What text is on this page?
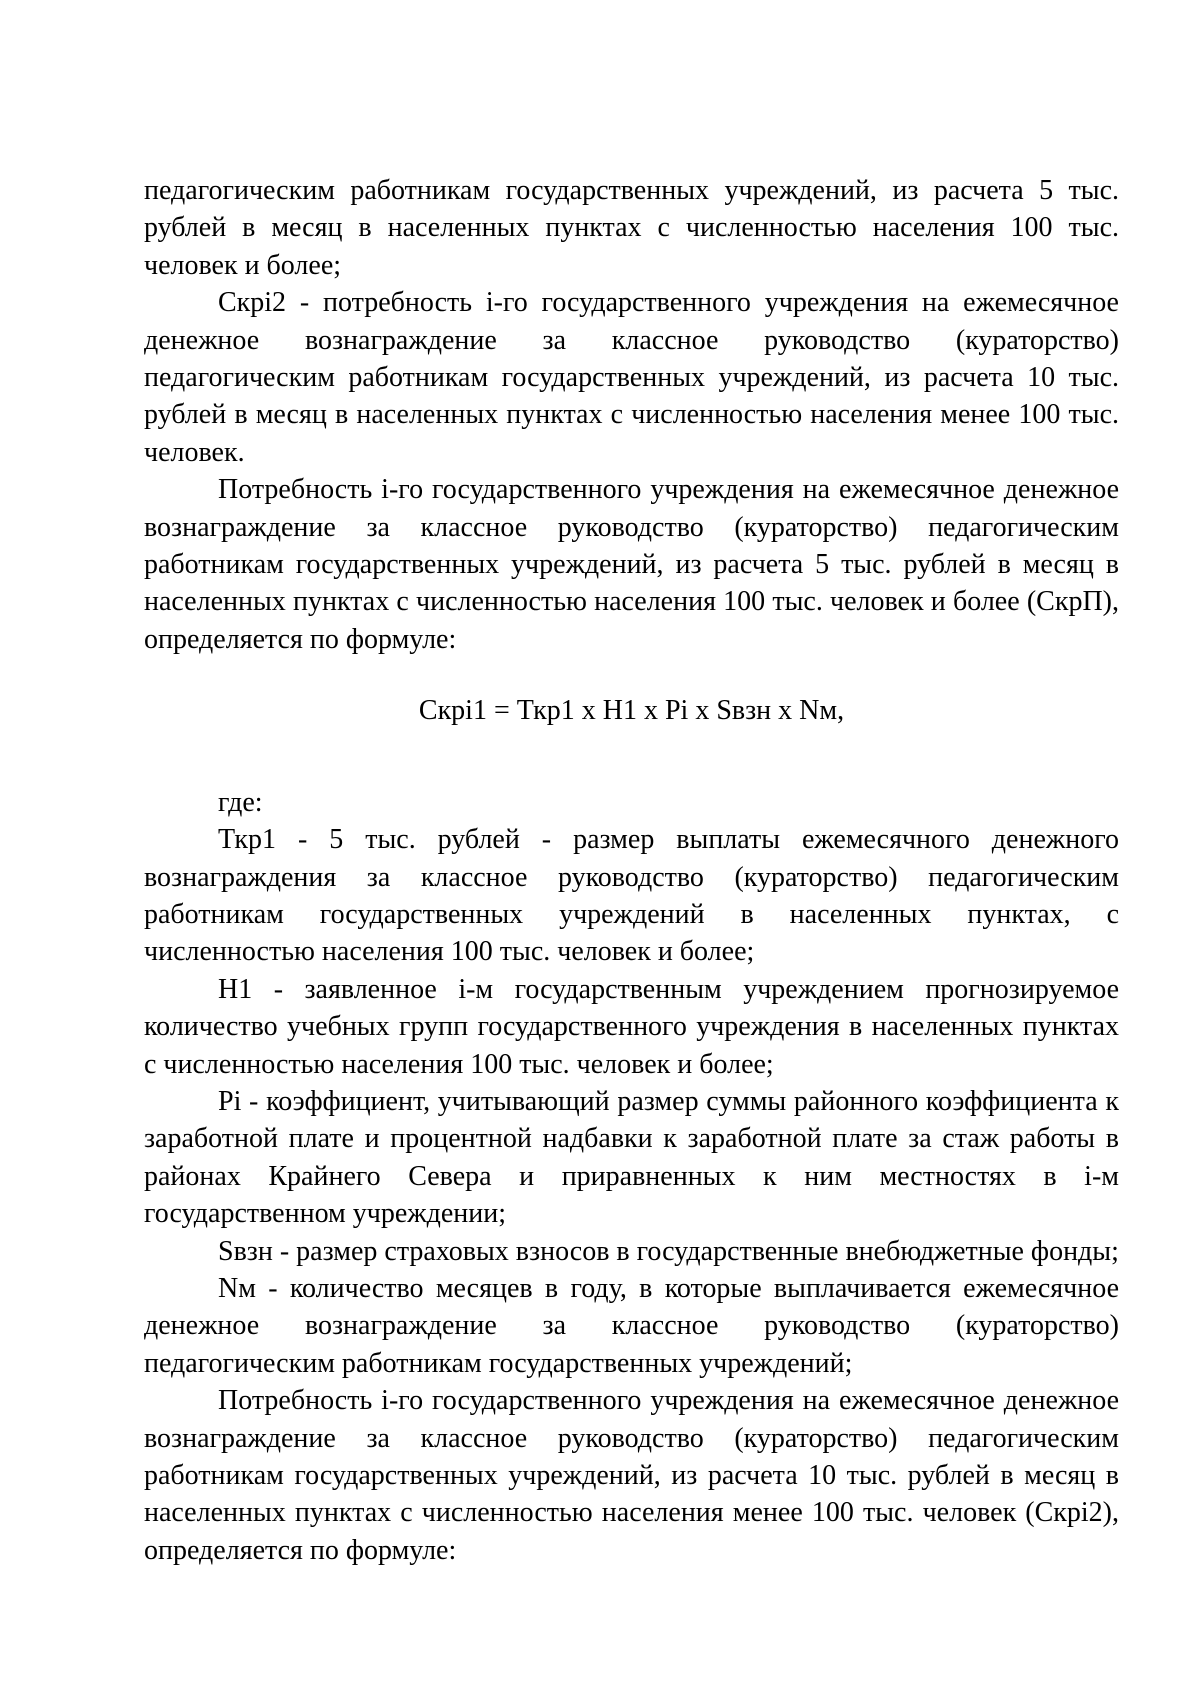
педагогическим работникам государственных учреждений, из расчета 5 тыс. рублей в месяц в населенных пунктах с численностью населения 100 тыс. человек и более;

Скрi2 - потребность i-го государственного учреждения на ежемесячное денежное вознаграждение за классное руководство (кураторство) педагогическим работникам государственных учреждений, из расчета 10 тыс. рублей в месяц в населенных пунктах с численностью населения менее 100 тыс. человек.

Потребность i-го государственного учреждения на ежемесячное денежное вознаграждение за классное руководство (кураторство) педагогическим работникам государственных учреждений, из расчета 5 тыс. рублей в месяц в населенных пунктах с численностью населения 100 тыс. человек и более (СкрП), определяется по формуле:

Скрi1 = Ткр1 х Н1 х Рi х Sвзн х Nм,

где:

Ткр1 - 5 тыс. рублей - размер выплаты ежемесячного денежного вознаграждения за классное руководство (кураторство) педагогическим работникам государственных учреждений в населенных пунктах, с численностью населения 100 тыс. человек и более;

Н1 - заявленное i-м государственным учреждением прогнозируемое количество учебных групп государственного учреждения в населенных пунктах с численностью населения 100 тыс. человек и более;

Рi - коэффициент, учитывающий размер суммы районного коэффициента к заработной плате и процентной надбавки к заработной плате за стаж работы в районах Крайнего Севера и приравненных к ним местностях в i-м государственном учреждении;

Sвзн - размер страховых взносов в государственные внебюджетные фонды;

Nм - количество месяцев в году, в которые выплачивается ежемесячное денежное вознаграждение за классное руководство (кураторство) педагогическим работникам государственных учреждений;

Потребность i-го государственного учреждения на ежемесячное денежное вознаграждение за классное руководство (кураторство) педагогическим работникам государственных учреждений, из расчета 10 тыс. рублей в месяц в населенных пунктах с численностью населения менее 100 тыс. человек (Скрi2), определяется по формуле:
